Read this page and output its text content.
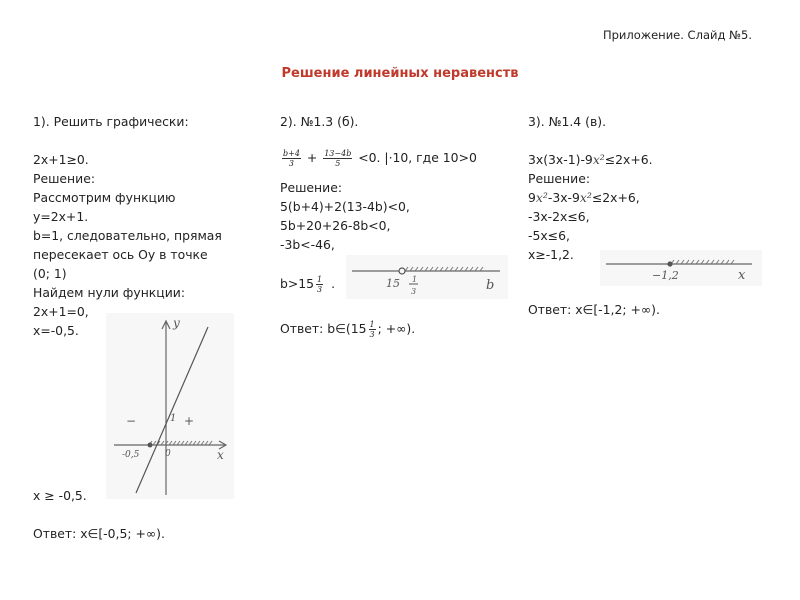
Приложение. Слайд №5.
Решение линейных неравенств
1). Решить графически:
2x+1≥0.
Решение:
Рассмотрим функцию
y=2x+1.
b=1, следовательно, прямая
пересекает ось Оy в точке
(0; 1)
Найдем нули функции:
2x+1=0,
x=-0,5.
x ≥ -0,5.
Ответ: x∈[-0,5; +∞).
y
x
1
0
-0,5
−	+
2). №1.3 (б).
$\frac{b+4}{3} + \frac{13-4b}{5} <0$. |·10, где 10>0
Решение:
5(b+4)+2(13-4b)<0,
5b+20+26-8b<0,
-3b<-46,
$b>15 \frac{1}{3}$ .
Ответ: b∈(15 $\frac{1}{3}$ ; +∞).
15 1
3	b
3). №1.4 (в).
3x(3x-1)-9x²≤2x+6.
Решение:
9x²-3x-9x²≤2x+6,
-3x-2x≤6,
-5x≤6,
x≥-1,2.
Ответ: x∈[-1,2; +∞).
−1,2	x
